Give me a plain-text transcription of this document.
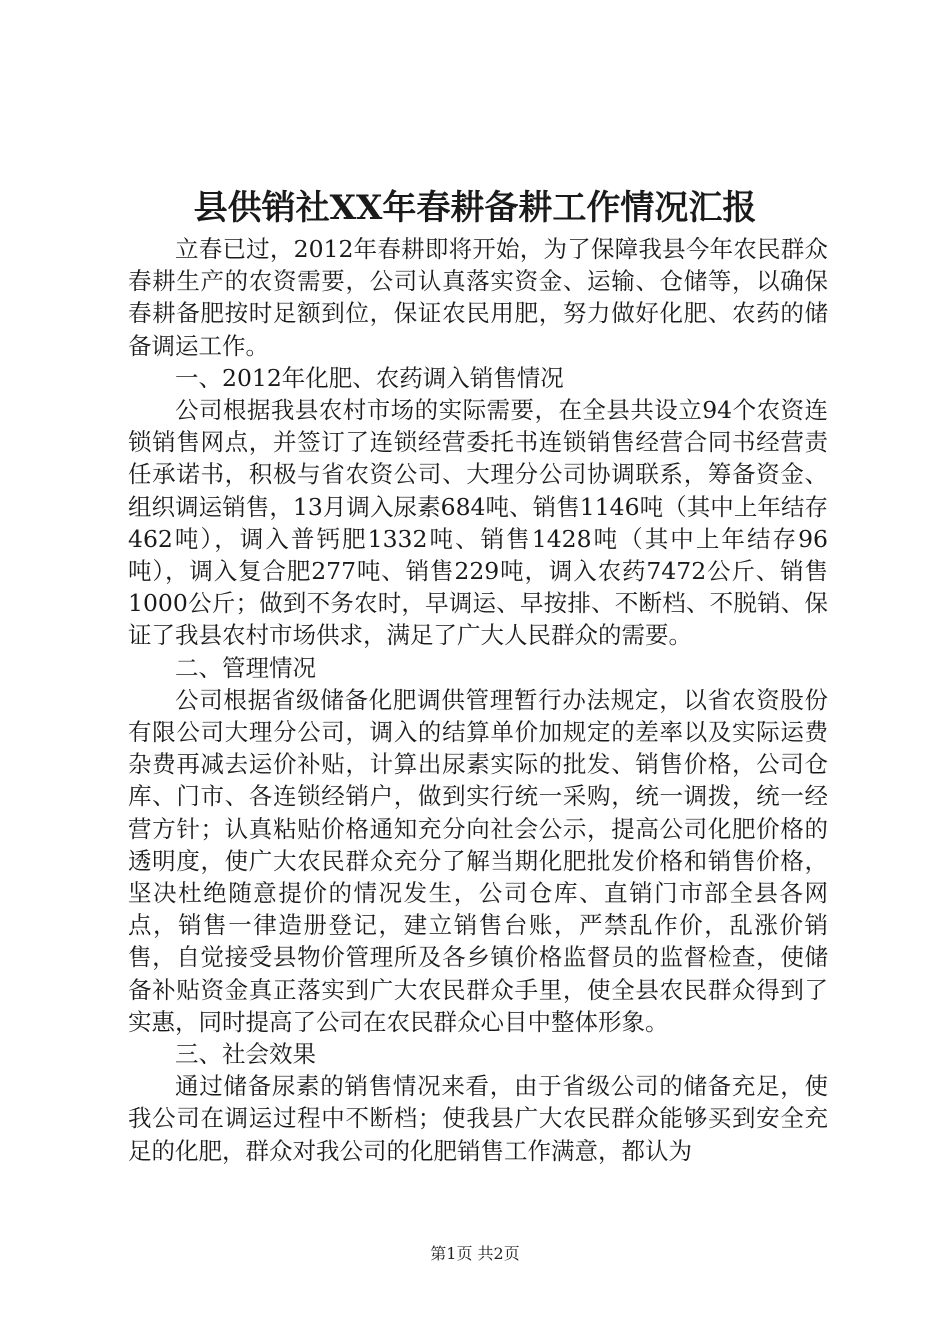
县供销社XX年春耕备耕工作情况汇报

立春已过，2012年春耕即将开始，为了保障我县今年农民群众春耕生产的农资需要，公司认真落实资金、运输、仓储等，以确保春耕备肥按时足额到位，保证农民用肥，努力做好化肥、农药的储备调运工作。

一、2012年化肥、农药调入销售情况

公司根据我县农村市场的实际需要，在全县共设立94个农资连锁销售网点，并签订了连锁经营委托书连锁销售经营合同书经营责任承诺书，积极与省农资公司、大理分公司协调联系，筹备资金、组织调运销售，13月调入尿素684吨、销售1146吨（其中上年结存462吨），调入普钙肥1332吨、销售1428吨（其中上年结存96吨），调入复合肥277吨、销售229吨，调入农药7472公斤、销售1000公斤；做到不务农时，早调运、早按排、不断档、不脱销、保证了我县农村市场供求，满足了广大人民群众的需要。

二、管理情况

公司根据省级储备化肥调供管理暂行办法规定，以省农资股份有限公司大理分公司，调入的结算单价加规定的差率以及实际运费杂费再减去运价补贴，计算出尿素实际的批发、销售价格，公司仓库、门市、各连锁经销户，做到实行统一采购，统一调拨，统一经营方针；认真粘贴价格通知充分向社会公示，提高公司化肥价格的透明度，使广大农民群众充分了解当期化肥批发价格和销售价格，坚决杜绝随意提价的情况发生，公司仓库、直销门市部全县各网点，销售一律造册登记，建立销售台账，严禁乱作价，乱涨价销售，自觉接受县物价管理所及各乡镇价格监督员的监督检查，使储备补贴资金真正落实到广大农民群众手里，使全县农民群众得到了实惠，同时提高了公司在农民群众心目中整体形象。

三、社会效果

通过储备尿素的销售情况来看，由于省级公司的储备充足，使我公司在调运过程中不断档；使我县广大农民群众能够买到安全充足的化肥，群众对我公司的化肥销售工作满意，都认为

第1页 共2页
